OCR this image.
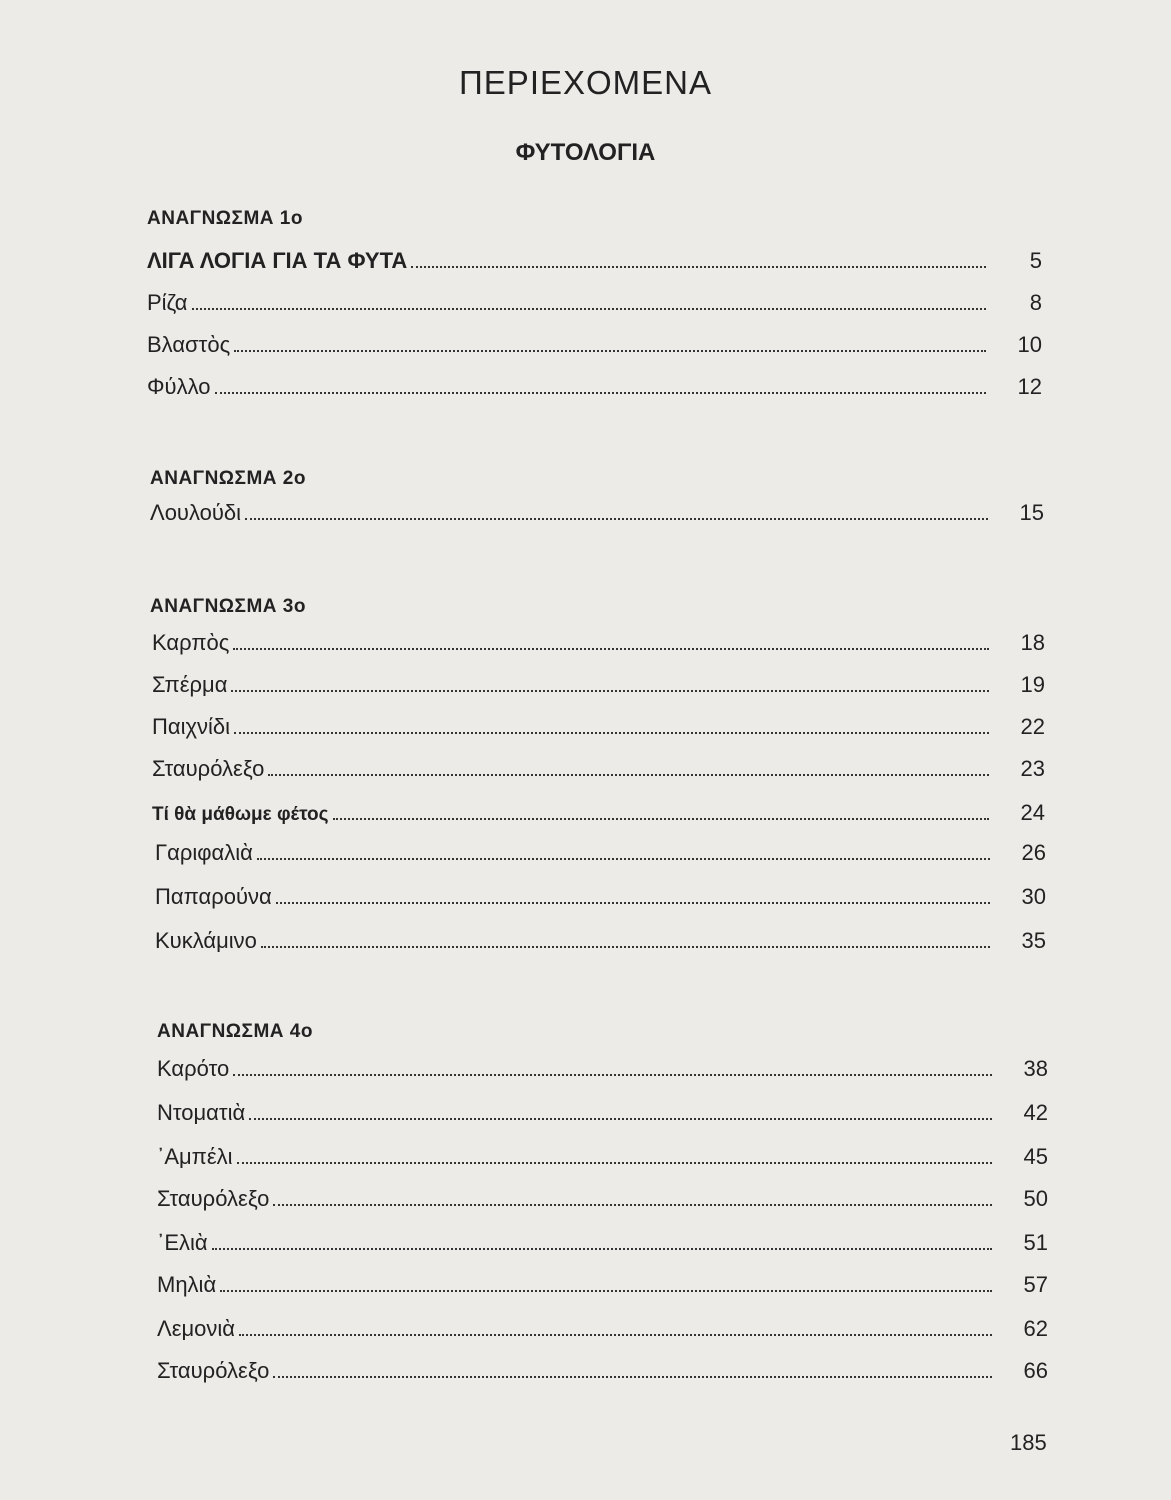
ΠΕΡΙΕΧΟΜΕΝΑ
ΦΥΤΟΛΟΓΙΑ
ΑΝΑΓΝΩΣΜΑ 1ο
ΛΙΓΑ ΛΟΓΙΑ ΓΙΑ ΤΑ ΦΥΤΑ	5
Ρίζα	8
Βλαστὸς	10
Φύλλο	12
ΑΝΑΓΝΩΣΜΑ 2ο
Λουλούδι	15
ΑΝΑΓΝΩΣΜΑ 3ο
Καρπὸς	18
Σπέρμα	19
Παιχνίδι	22
Σταυρόλεξο	23
Τί θὰ μάθωμε φέτος	24
Γαριφαλιὰ	26
Παπαρούνα	30
Κυκλάμινο	35
ΑΝΑΓΝΩΣΜΑ 4ο
Καρότο	38
Ντοματιὰ	42
᾿Αμπέλι	45
Σταυρόλεξο	50
᾿Ελιὰ	51
Μηλιὰ	57
Λεμονιὰ	62
Σταυρόλεξο	66
185
